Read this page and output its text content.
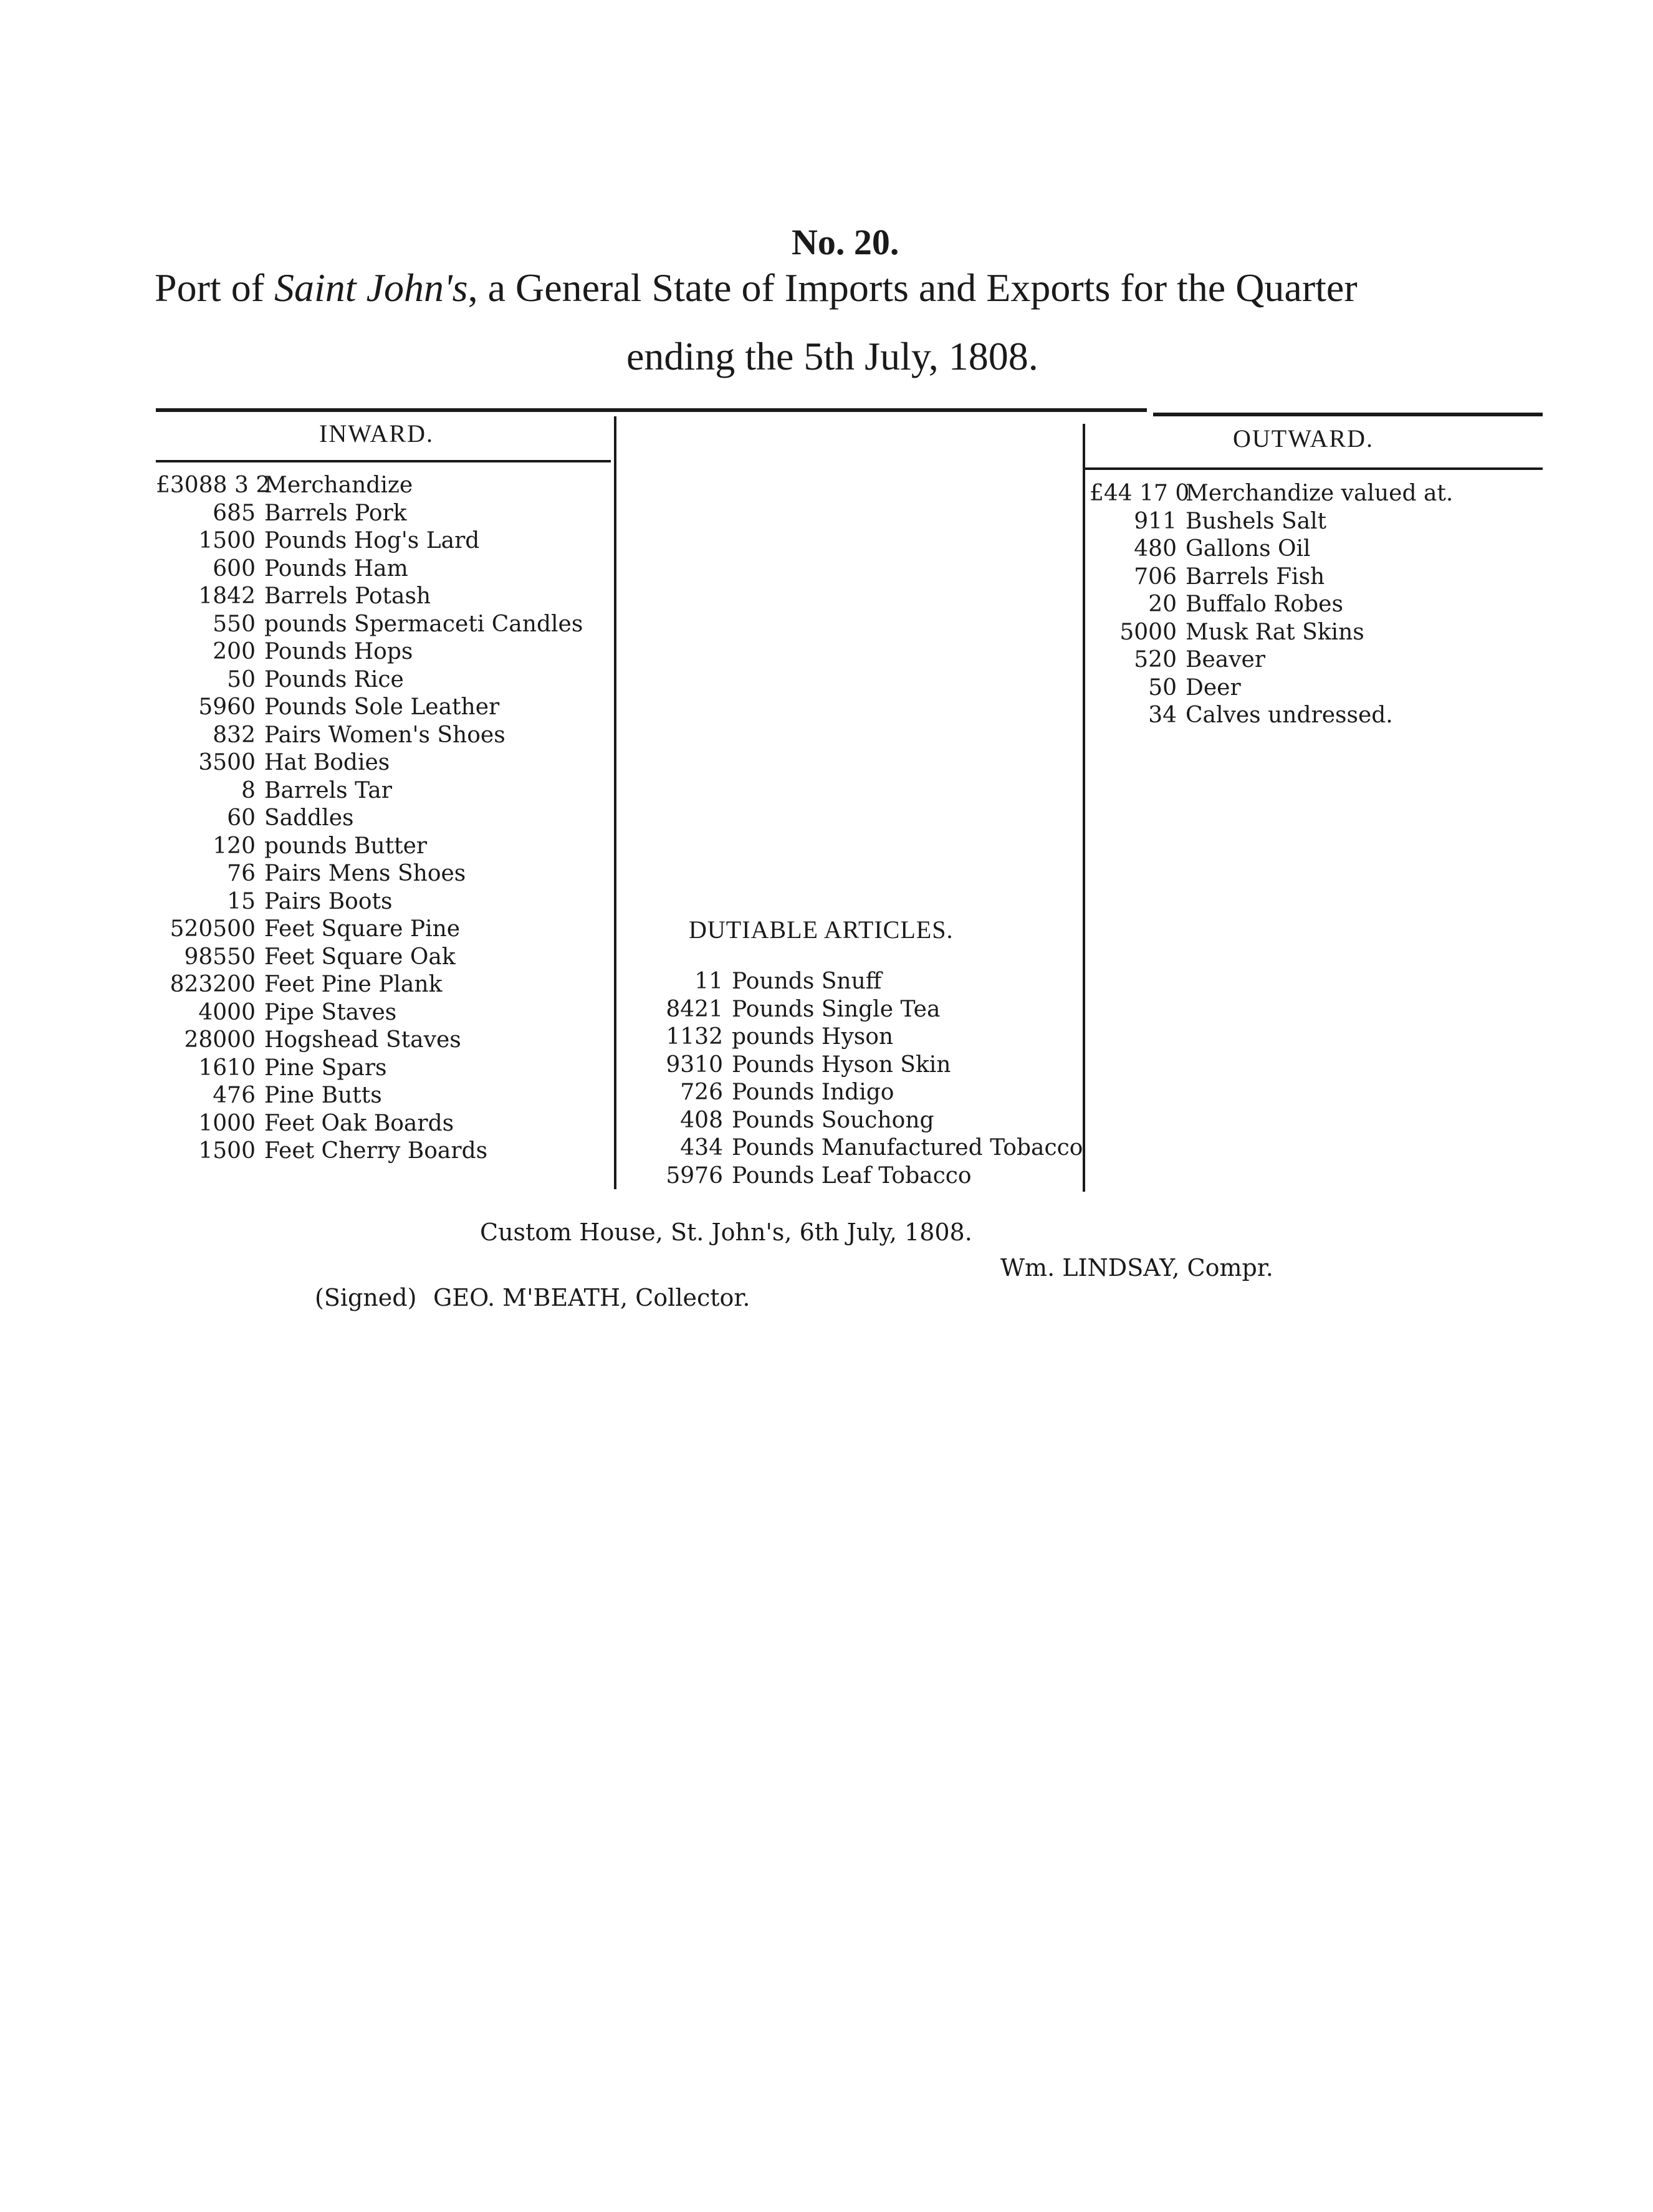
No. 20.
Port of Saint John's, a General State of Imports and Exports for the Quarter
ending the 5th July, 1808.
INWARD.	OUTWARD.
£3088 3 2
Merchandize
685 Barrels Pork
1500 Pounds Hog's Lard
600 Pounds Ham
1842 Barrels Potash
550 pounds Spermaceti Candles
200 Pounds Hops
50 Pounds Rice
5960 Pounds Sole Leather
832 Pairs Women's Shoes
3500 Hat Bodies
8 Barrels Tar
60 Saddles
120 pounds Butter
76 Pairs Mens Shoes
15 Pairs Boots
520500 Feet Square Pine
98550 Feet Square Oak
823200 Feet Pine Plank
4000 Pipe Staves
28000 Hogshead Staves
1610 Pine Spars
476 Pine Butts
1000 Feet Oak Boards
1500 Feet Cherry Boards
DUTIABLE ARTICLES.
11 Pounds Snuff
8421 Pounds Single Tea
1132 pounds Hyson
9310 Pounds Hyson Skin
726 Pounds Indigo
408 Pounds Souchong
434 Pounds Manufactured Tobacco
5976 Pounds Leaf Tobacco
£44 17 0
Merchandize valued at.
911 Bushels Salt
480 Gallons Oil
706 Barrels Fish
20 Buffalo Robes
5000 Musk Rat Skins
520 Beaver
50 Deer
34 Calves undressed.
Custom House, St. John's, 6th July, 1808.
Wm. LINDSAY, Compr.
(Signed) GEO. M'BEATH, Collector.
